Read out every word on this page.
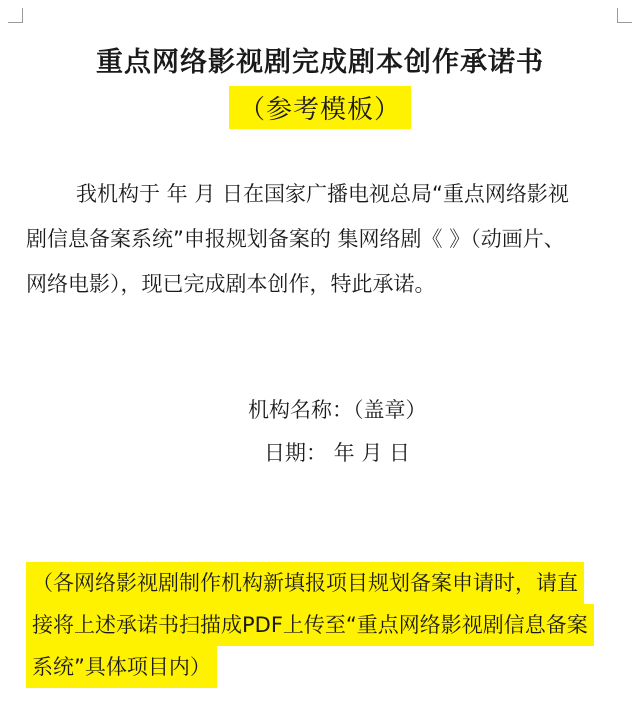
重点网络影视剧完成剧本创作承诺书
（参考模板）
我机构于 年 月 日在国家广播电视总局“重点网络影视
剧信息备案系统”申报规划备案的 集网络剧《 》（动画片、
网络电影），现已完成剧本创作，特此承诺。
机构名称：（盖章）
日期： 年 月 日
（各网络影视剧制作机构新填报项目规划备案申请时，请直
接将上述承诺书扫描成PDF上传至“重点网络影视剧信息备案
系统”具体项目内）
